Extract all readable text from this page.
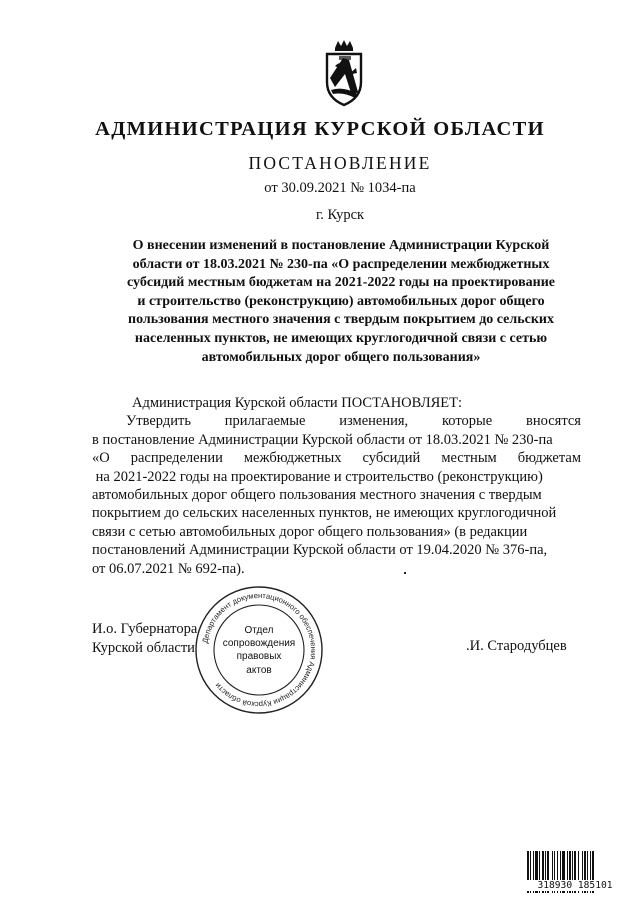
АДМИНИСТРАЦИЯ КУРСКОЙ ОБЛАСТИ
ПОСТАНОВЛЕНИЕ
от 30.09.2021 № 1034-па
г. Курск
О внесении изменений в постановление Администрации Курской
области от 18.03.2021 № 230-па «О распределении межбюджетных
субсидий местным бюджетам на 2021-2022 годы на проектирование
и строительство (реконструкцию) автомобильных дорог общего
пользования местного значения с твердым покрытием до сельских
населенных пунктов, не имеющих круглогодичной связи с сетью
автомобильных дорог общего пользования»
Администрация Курской области ПОСТАНОВЛЯЕТ:
Утвердить прилагаемые изменения, которые вносятся
в постановление Администрации Курской области от 18.03.2021 № 230-па
«О распределении межбюджетных субсидий местным бюджетам
на 2021-2022 годы на проектирование и строительство (реконструкцию)
автомобильных дорог общего пользования местного значения с твердым
покрытием до сельских населенных пунктов, не имеющих круглогодичной
связи с сетью автомобильных дорог общего пользования» (в редакции
постановлений Администрации Курской области от 19.04.2020 № 376-па,
от 06.07.2021 № 692-па).
И.о. Губернатора
Курской области	.И. Стародубцев
Департамент документационного обеспечения Администрации Курской области
Отдел
сопровождения
правовых
актов
318930 185101
